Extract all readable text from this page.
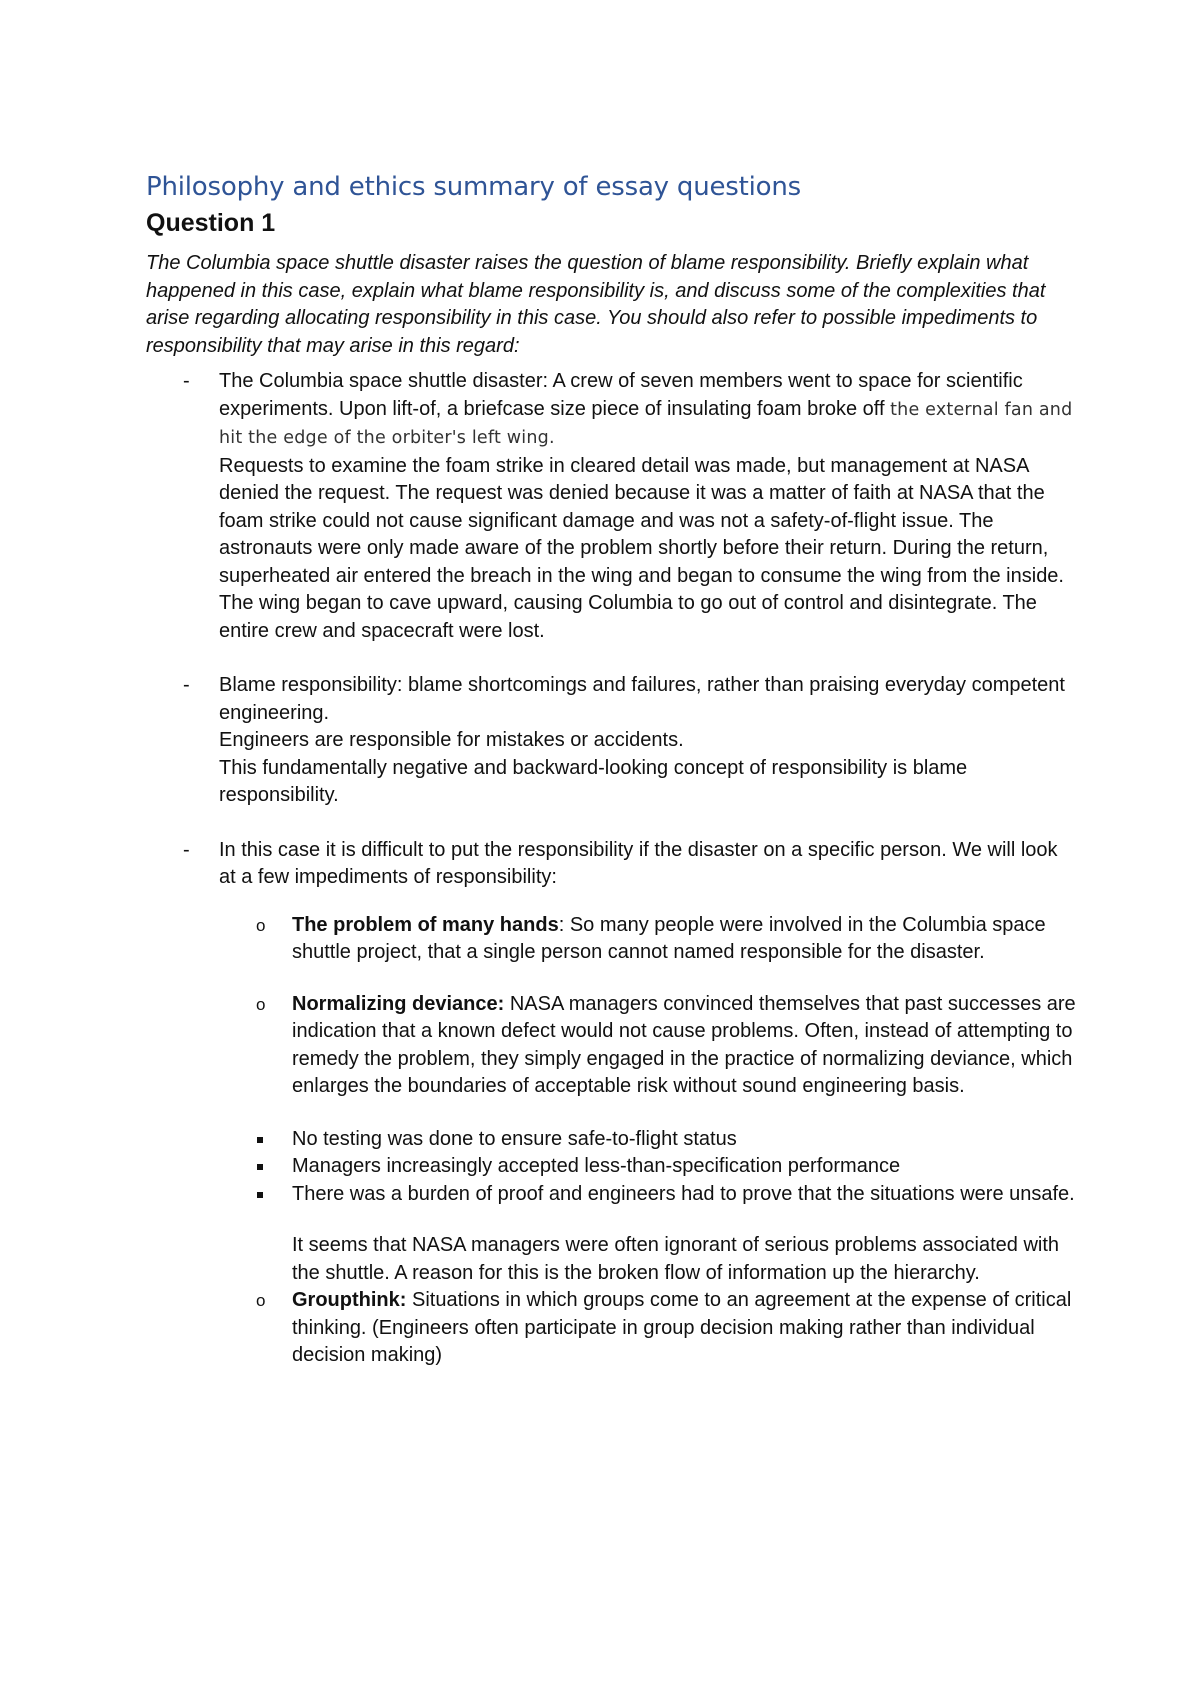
Philosophy and ethics summary of essay questions
Question 1

The Columbia space shuttle disaster raises the question of blame responsibility. Briefly explain what happened in this case, explain what blame responsibility is, and discuss some of the complexities that arise regarding allocating responsibility in this case. You should also refer to possible impediments to responsibility that may arise in this regard:

- The Columbia space shuttle disaster: A crew of seven members went to space for scientific experiments. Upon lift-of, a briefcase size piece of insulating foam broke off the external fan and hit the edge of the orbiter's left wing.

Requests to examine the foam strike in cleared detail was made, but management at NASA denied the request. The request was denied because it was a matter of faith at NASA that the foam strike could not cause significant damage and was not a safety-of-flight issue. The astronauts were only made aware of the problem shortly before their return. During the return, superheated air entered the breach in the wing and began to consume the wing from the inside. The wing began to cave upward, causing Columbia to go out of control and disintegrate. The entire crew and spacecraft were lost.

- Blame responsibility: blame shortcomings and failures, rather than praising everyday competent engineering.

Engineers are responsible for mistakes or accidents.

This fundamentally negative and backward-looking concept of responsibility is blame responsibility.

- In this case it is difficult to put the responsibility if the disaster on a specific person. We will look at a few impediments of responsibility:

o The problem of many hands: So many people were involved in the Columbia space shuttle project, that a single person cannot named responsible for the disaster.

o Normalizing deviance: NASA managers convinced themselves that past successes are indication that a known defect would not cause problems. Often, instead of attempting to remedy the problem, they simply engaged in the practice of normalizing deviance, which enlarges the boundaries of acceptable risk without sound engineering basis.

No testing was done to ensure safe-to-flight status
Managers increasingly accepted less-than-specification performance
There was a burden of proof and engineers had to prove that the situations were unsafe.

It seems that NASA managers were often ignorant of serious problems associated with the shuttle. A reason for this is the broken flow of information up the hierarchy.

o Groupthink: Situations in which groups come to an agreement at the expense of critical thinking. (Engineers often participate in group decision making rather than individual decision making)
